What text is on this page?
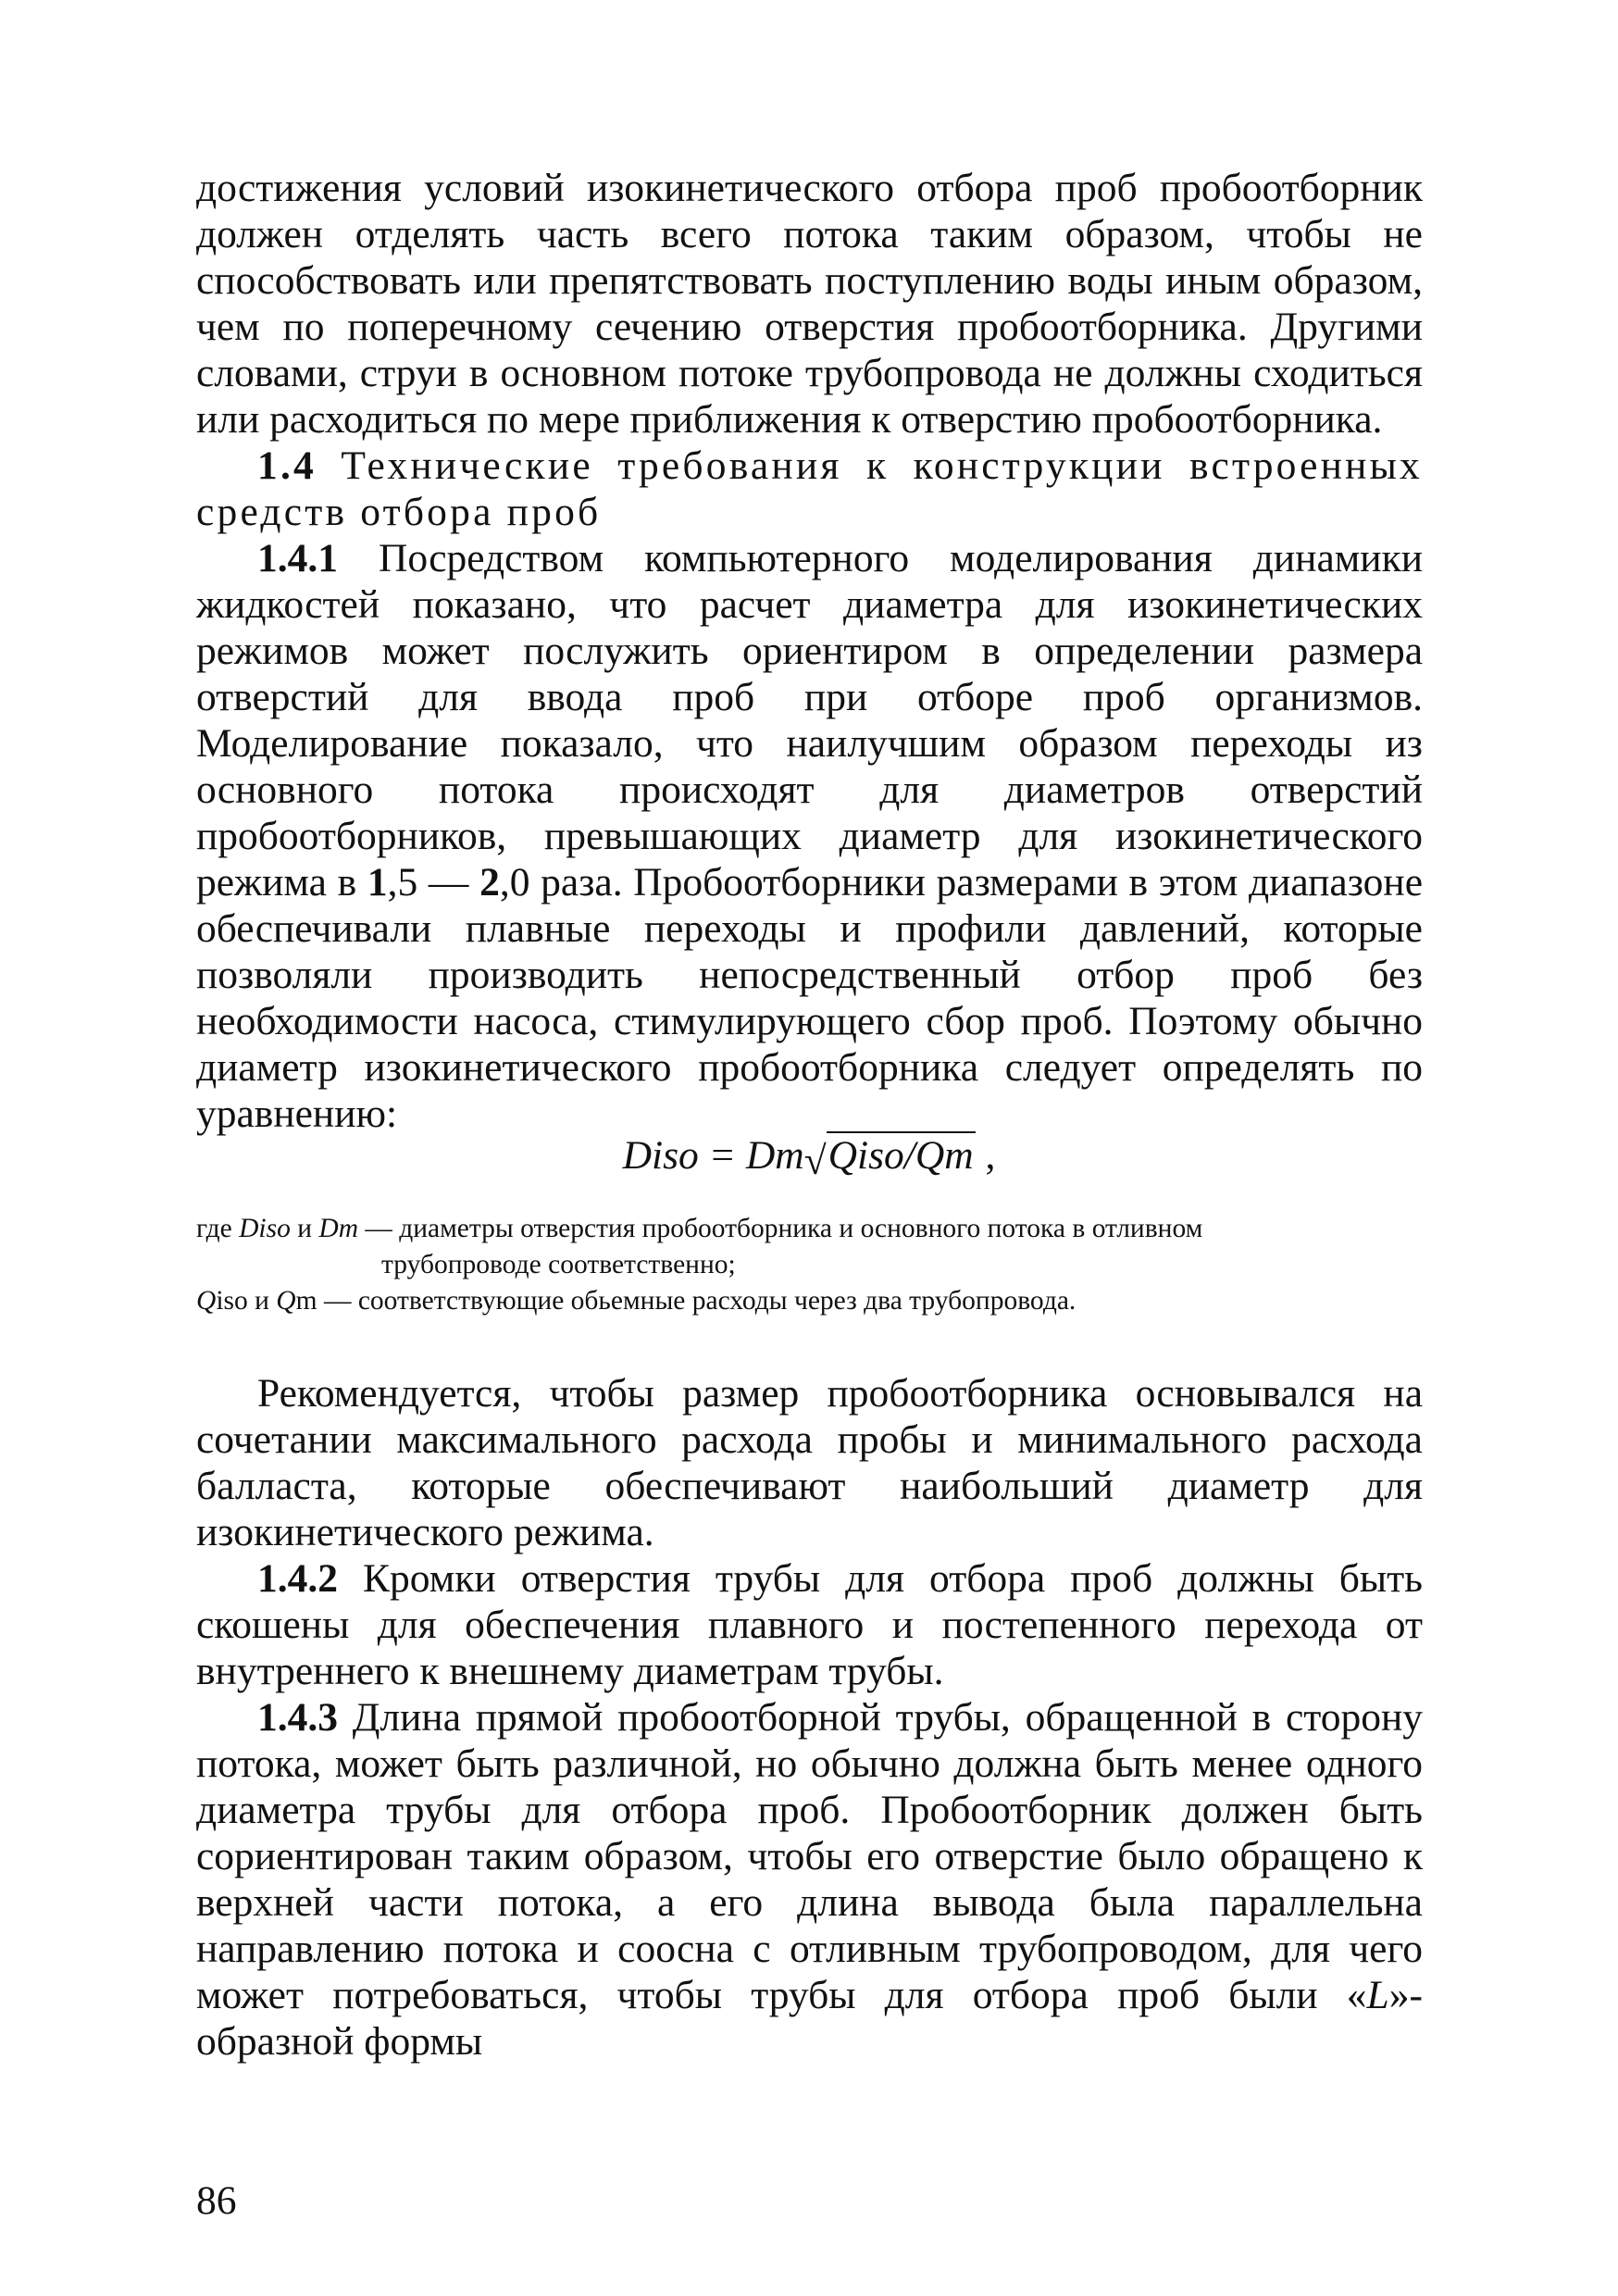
достижения условий изокинетического отбора проб пробоотборник должен отделять часть всего потока таким образом, чтобы не способствовать или препятствовать поступлению воды иным образом, чем по поперечному сечению отверстия пробоотборника. Другими словами, струи в основном потоке трубопровода не должны сходиться или расходиться по мере приближения к отверстию пробоотборника.

1.4 Технические требования к конструкции встроенных средств отбора проб

1.4.1 Посредством компьютерного моделирования динамики жидкостей показано, что расчет диаметра для изокинетических режимов может послужить ориентиром в определении размера отверстий для ввода проб при отборе проб организмов. Моделирование показало, что наилучшим образом переходы из основного потока происходят для диаметров отверстий пробоотборников, превышающих диаметр для изокинетического режима в 1,5 — 2,0 раза. Пробоотборники размерами в этом диапазоне обеспечивали плавные переходы и профили давлений, которые позволяли производить непосредственный отбор проб без необходимости насоса, стимулирующего сбор проб. Поэтому обычно диаметр изокинетического пробоотборника следует определять по уравнению:

Diso = Dm√Qiso/Qm ,
где Diso и Dm — диаметры отверстия пробоотборника и основного потока в отливном
трубопроводе соответственно;
Qiso и Qm — соответствующие обьемные расходы через два трубопровода.

Рекомендуется, чтобы размер пробоотборника основывался на сочетании максимального расхода пробы и минимального расхода балласта, которые обеспечивают наибольший диаметр для изокинетического режима.

1.4.2 Кромки отверстия трубы для отбора проб должны быть скошены для обеспечения плавного и постепенного перехода от внутреннего к внешнему диаметрам трубы.

1.4.3 Длина прямой пробоотборной трубы, обращенной в сторону потока, может быть различной, но обычно должна быть менее одного диаметра трубы для отбора проб. Пробоотборник должен быть сориентирован таким образом, чтобы его отверстие было обращено к верхней части потока, а его длина вывода была параллельна направлению потока и соосна с отливным трубопроводом, для чего может потребоваться, чтобы трубы для отбора проб были «L»-образной формы

86
